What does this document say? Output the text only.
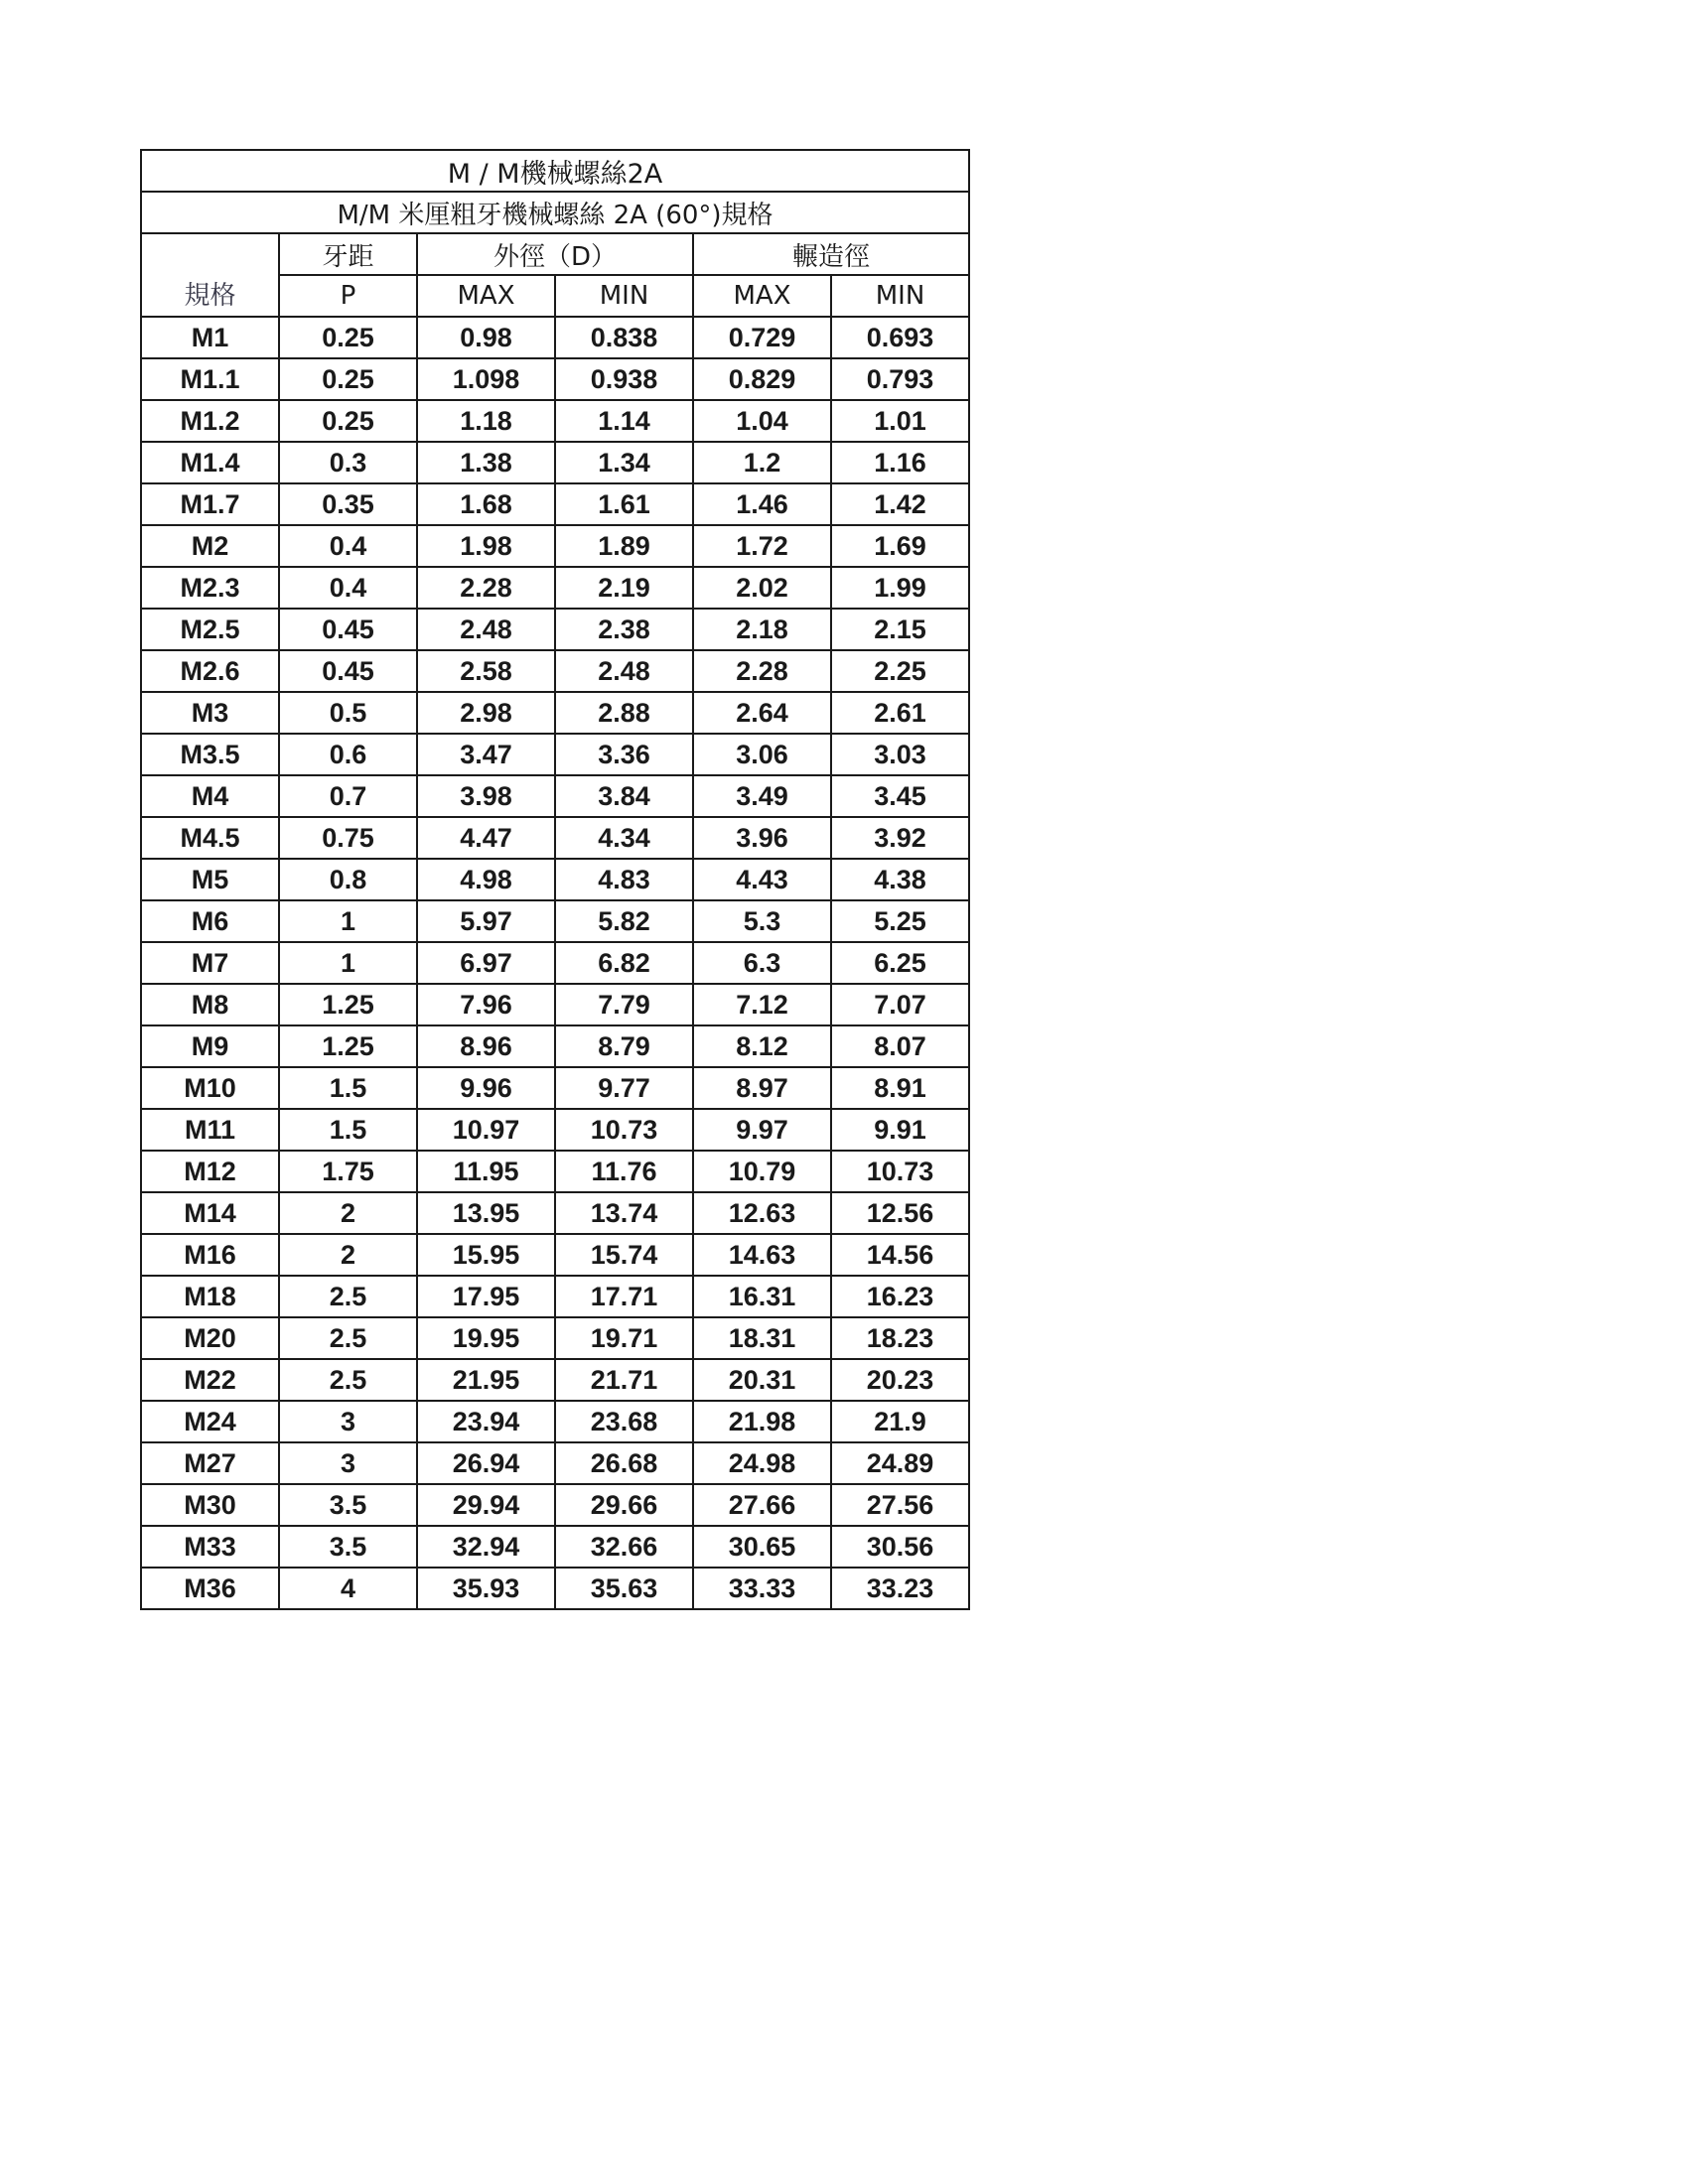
M / M機械螺絲2A					
M/M 米厘粗牙機械螺絲 2A (60°)規格					
規格	牙距	外徑（D）		輾造徑	
	P	MAX	MIN	MAX	MIN
M1	0.25	0.98	0.838	0.729	0.693
M1.1	0.25	1.098	0.938	0.829	0.793
M1.2	0.25	1.18	1.14	1.04	1.01
M1.4	0.3	1.38	1.34	1.2	1.16
M1.7	0.35	1.68	1.61	1.46	1.42
M2	0.4	1.98	1.89	1.72	1.69
M2.3	0.4	2.28	2.19	2.02	1.99
M2.5	0.45	2.48	2.38	2.18	2.15
M2.6	0.45	2.58	2.48	2.28	2.25
M3	0.5	2.98	2.88	2.64	2.61
M3.5	0.6	3.47	3.36	3.06	3.03
M4	0.7	3.98	3.84	3.49	3.45
M4.5	0.75	4.47	4.34	3.96	3.92
M5	0.8	4.98	4.83	4.43	4.38
M6	1	5.97	5.82	5.3	5.25
M7	1	6.97	6.82	6.3	6.25
M8	1.25	7.96	7.79	7.12	7.07
M9	1.25	8.96	8.79	8.12	8.07
M10	1.5	9.96	9.77	8.97	8.91
M11	1.5	10.97	10.73	9.97	9.91
M12	1.75	11.95	11.76	10.79	10.73
M14	2	13.95	13.74	12.63	12.56
M16	2	15.95	15.74	14.63	14.56
M18	2.5	17.95	17.71	16.31	16.23
M20	2.5	19.95	19.71	18.31	18.23
M22	2.5	21.95	21.71	20.31	20.23
M24	3	23.94	23.68	21.98	21.9
M27	3	26.94	26.68	24.98	24.89
M30	3.5	29.94	29.66	27.66	27.56
M33	3.5	32.94	32.66	30.65	30.56
M36	4	35.93	35.63	33.33	33.23
